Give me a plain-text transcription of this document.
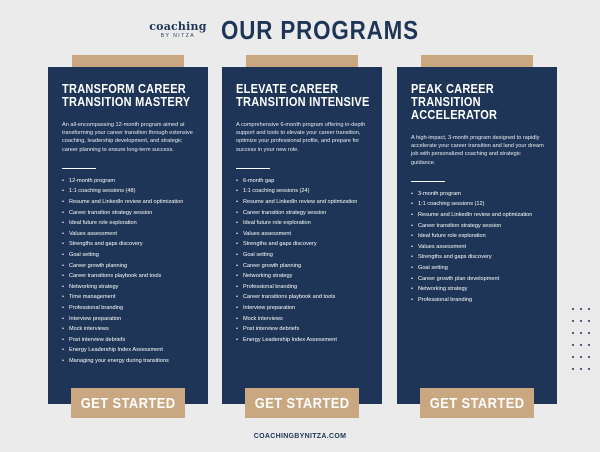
coaching
BY NITZA OUR PROGRAMS
TRANSFORM CAREER TRANSITION MASTERY

An all-encompassing 12-month program aimed at transforming your career transition through extensive coaching, leadership development, and strategic career planning to ensure long-term success.

• 12-month program
• 1:1 coaching sessions (48)
• Resume and LinkedIn review and optimization
• Career transition strategy session
• Ideal future role exploration
• Values assessment
• Strengths and gaps discovery
• Goal setting
• Career growth planning
• Career transitions playbook and tools
• Networking strategy
• Time management
• Professional branding
• Interview preparation
• Mock interviews
• Post interview debriefs
• Energy Leadership Index Assessment
• Managing your energy during transitions
GET STARTED
ELEVATE CAREER TRANSITION INTENSIVE

A comprehensive 6-month program offering in-depth support and tools to elevate your career transition, optimize your professional profile, and prepare for success in your new role.

• 6-month gap
• 1:1 coaching sessions (24)
• Resume and LinkedIn review and optimization
• Career transition strategy session
• Ideal future role exploration
• Values assessment
• Strengths and gaps discovery
• Goal setting
• Career growth planning
• Networking strategy
• Professional branding
• Career transitions playbook and tools
• Interview preparation
• Mock interviews
• Post interview debriefs
• Energy Leadership Index Assessment
GET STARTED
PEAK CAREER TRANSITION ACCELERATOR

A high-impact, 3-month program designed to rapidly accelerate your career transition and land your dream job with personalized coaching and strategic guidance.

• 3-month program
• 1:1 coaching sessions (12)
• Resume and LinkedIn review and optimization
• Career transition strategy session
• Ideal future role exploration
• Values assessment
• Strengths and gaps discovery
• Goal setting
• Career growth plan development
• Networking strategy
• Professional branding
GET STARTED
COACHINGBYNITZA.COM
